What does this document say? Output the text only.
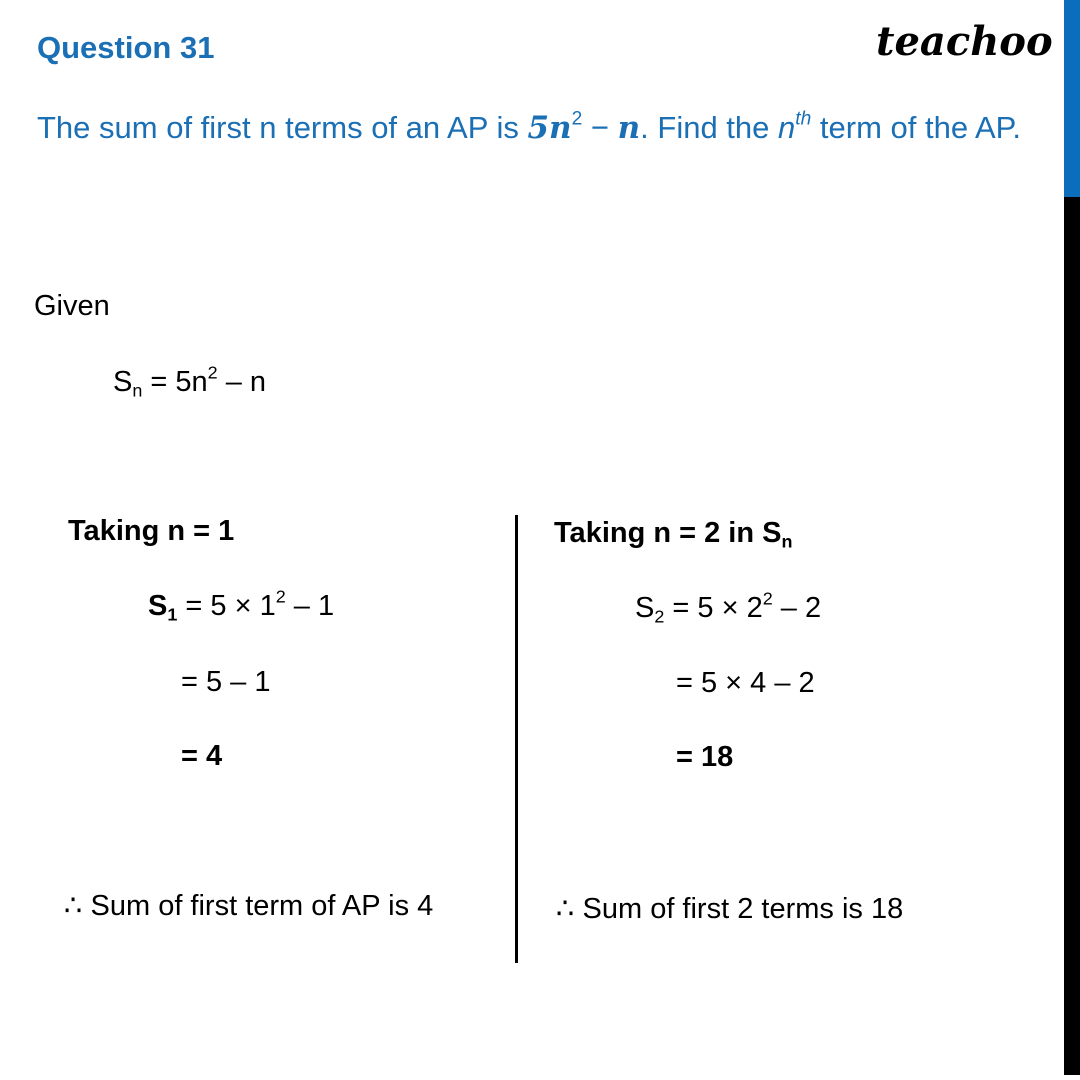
Question 31	teachoo
The sum of first n terms of an AP is $5n^2 - n$. Find the $n^{th}$ term of the AP.
Given
$S_n = 5n^2 - n$
Taking n = 1
$S_1 = 5 \times 1^2 - 1$
= 5 – 1
= 4
∴ Sum of first term of AP is 4
Taking n = 2 in $S_n$
$S_2 = 5 \times 2^2 - 2$
= 5 × 4 – 2
= 18
∴ Sum of first 2 terms is 18
